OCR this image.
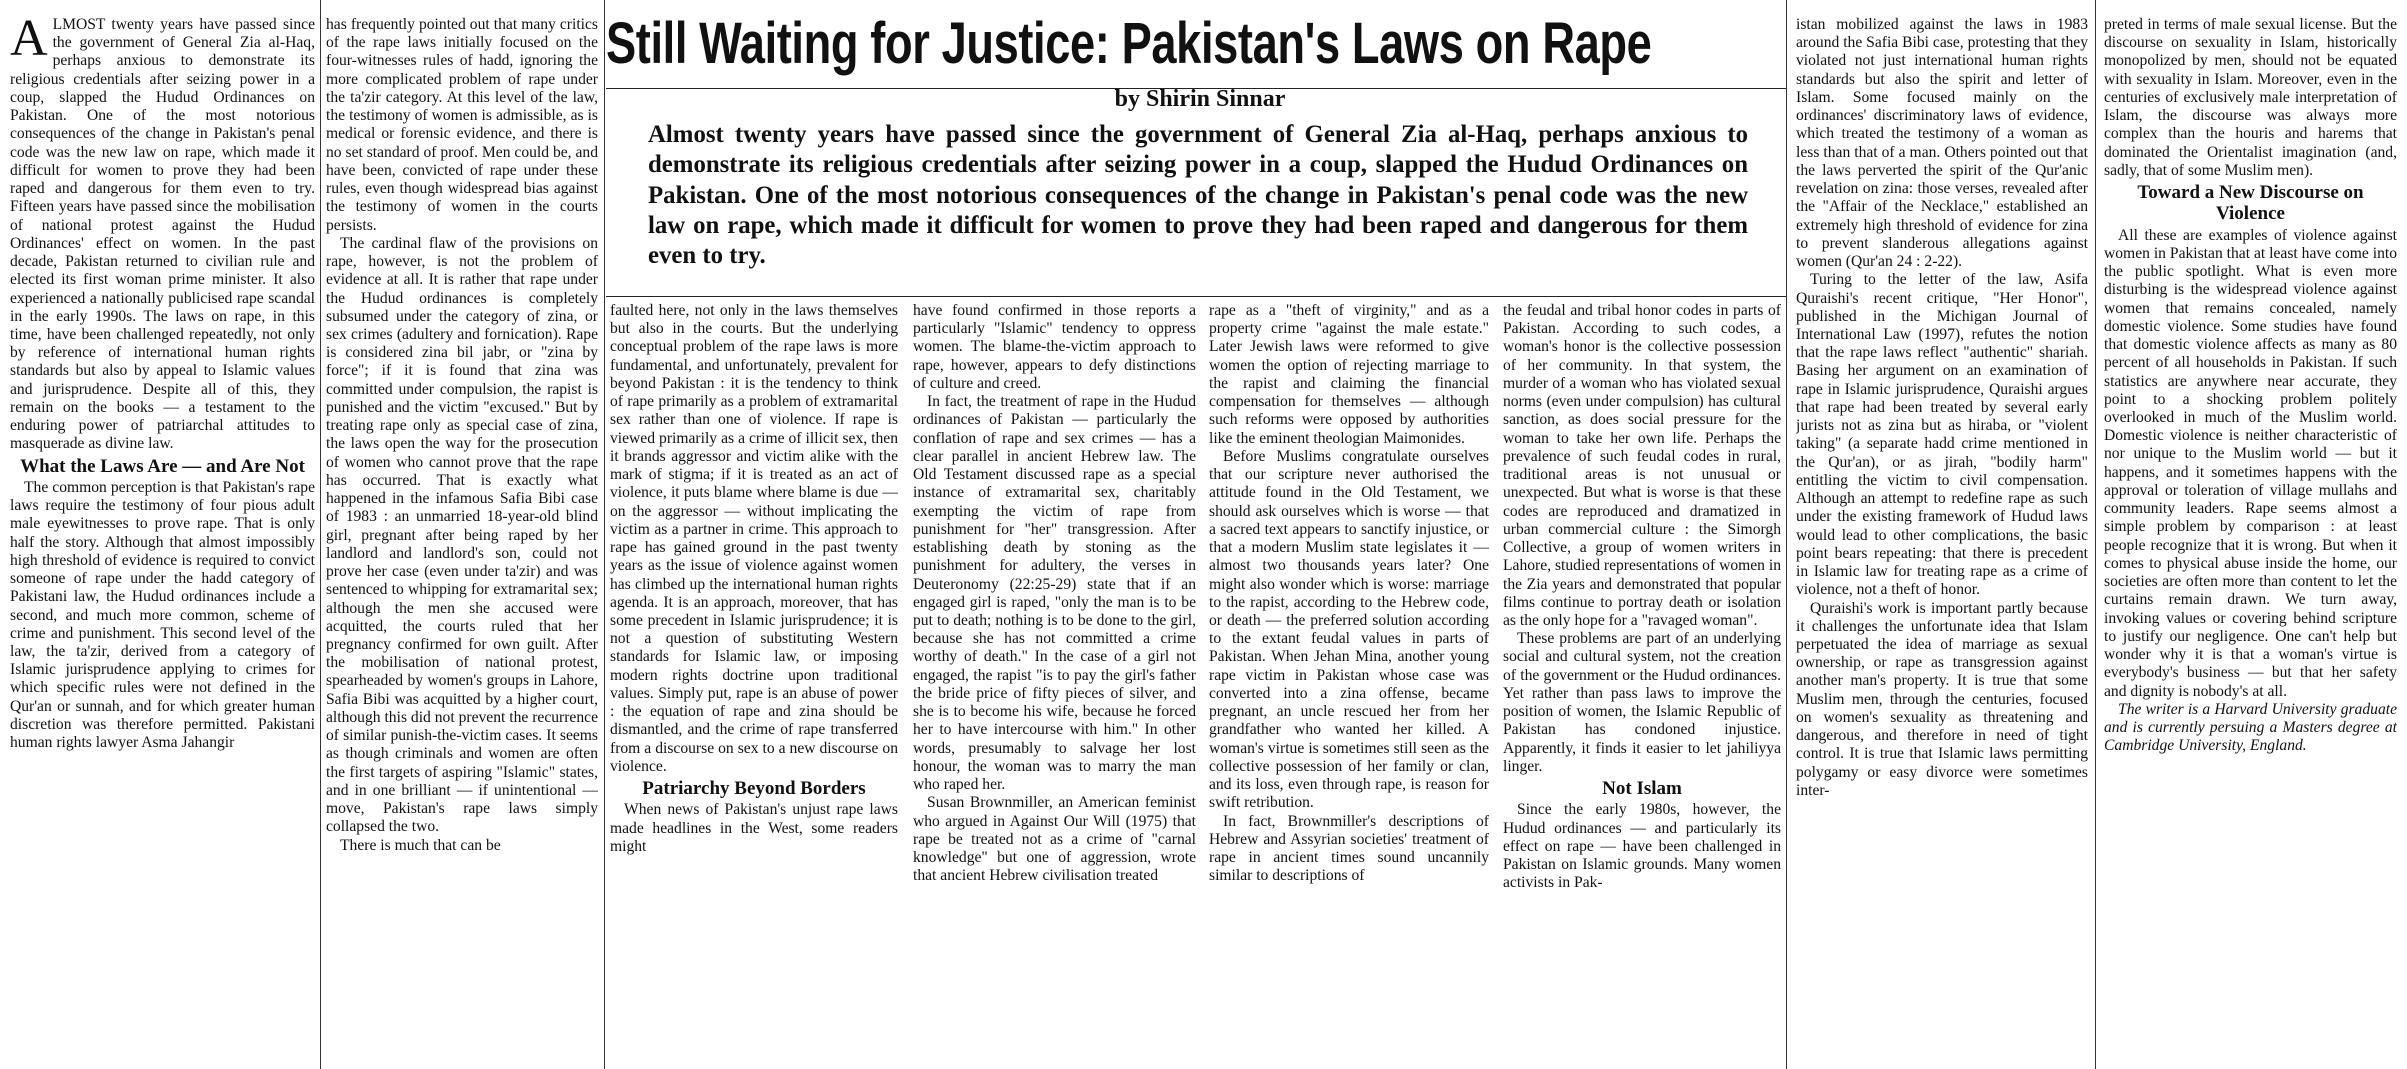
A LMOST twenty years have passed since the government of General Zia al-Haq, perhaps anxious to demonstrate its religious credentials after seizing power in a coup, slapped the Hudud Ordinances on Pakistan. One of the most notorious consequences of the change in Pakistan's penal code was the new law on rape, which made it difficult for women to prove they had been raped and dangerous for them even to try. Fifteen years have passed since the mobilisation of national protest against the Hudud Ordinances' effect on women. In the past decade, Pakistan returned to civilian rule and elected its first woman prime minister. It also experienced a nationally publicised rape scandal in the early 1990s. The laws on rape, in this time, have been challenged repeatedly, not only by reference of international human rights standards but also by appeal to Islamic values and jurisprudence. Despite all of this, they remain on the books — a testament to the enduring power of patriarchal attitudes to masquerade as divine law.

What the Laws Are — and Are Not

The common perception is that Pakistan's rape laws require the testimony of four pious adult male eyewitnesses to prove rape. That is only half the story. Although that almost impossibly high threshold of evidence is required to convict someone of rape under the hadd category of Pakistani law, the Hudud ordinances include a second, and much more common, scheme of crime and punishment. This second level of the law, the ta'zir, derived from a category of Islamic jurisprudence applying to crimes for which specific rules were not defined in the Qur'an or sunnah, and for which greater human discretion was therefore permitted. Pakistani human rights lawyer Asma Jahangir

has frequently pointed out that many critics of the rape laws initially focused on the four-witnesses rules of hadd, ignoring the more complicated problem of rape under the ta'zir category. At this level of the law, the testimony of women is admissible, as is medical or forensic evidence, and there is no set standard of proof. Men could be, and have been, convicted of rape under these rules, even though widespread bias against the testimony of women in the courts persists.

The cardinal flaw of the provisions on rape, however, is not the problem of evidence at all. It is rather that rape under the Hudud ordinances is completely subsumed under the category of zina, or sex crimes (adultery and fornication). Rape is considered zina bil jabr, or "zina by force"; if it is found that zina was committed under compulsion, the rapist is punished and the victim "excused." But by treating rape only as special case of zina, the laws open the way for the prosecution of women who cannot prove that the rape has occurred. That is exactly what happened in the infamous Safia Bibi case of 1983 : an unmarried 18-year-old blind girl, pregnant after being raped by her landlord and landlord's son, could not prove her case (even under ta'zir) and was sentenced to whipping for extramarital sex; although the men she accused were acquitted, the courts ruled that her pregnancy confirmed for own guilt. After the mobilisation of national protest, spearheaded by women's groups in Lahore, Safia Bibi was acquitted by a higher court, although this did not prevent the recurrence of similar punish-the-victim cases. It seems as though criminals and women are often the first targets of aspiring "Islamic" states, and in one brilliant — if unintentional — move, Pakistan's rape laws simply collapsed the two.

There is much that can be

Still Waiting for Justice: Pakistan's Laws on Rape
by Shirin Sinnar
Almost twenty years have passed since the government of General Zia al-Haq, perhaps anxious to demonstrate its religious credentials after seizing power in a coup, slapped the Hudud Ordinances on Pakistan. One of the most notorious consequences of the change in Pakistan's penal code was the new law on rape, which made it difficult for women to prove they had been raped and dangerous for them even to try.

faulted here, not only in the laws themselves but also in the courts. But the underlying conceptual problem of the rape laws is more fundamental, and unfortunately, prevalent for beyond Pakistan : it is the tendency to think of rape primarily as a problem of extramarital sex rather than one of violence. If rape is viewed primarily as a crime of illicit sex, then it brands aggressor and victim alike with the mark of stigma; if it is treated as an act of violence, it puts blame where blame is due — on the aggressor — without implicating the victim as a partner in crime. This approach to rape has gained ground in the past twenty years as the issue of violence against women has climbed up the international human rights agenda. It is an approach, moreover, that has some precedent in Islamic jurisprudence; it is not a question of substituting Western standards for Islamic law, or imposing modern rights doctrine upon traditional values. Simply put, rape is an abuse of power : the equation of rape and zina should be dismantled, and the crime of rape transferred from a discourse on sex to a new discourse on violence.

Patriarchy Beyond Borders

When news of Pakistan's unjust rape laws made headlines in the West, some readers might

have found confirmed in those reports a particularly "Islamic" tendency to oppress women. The blame-the-victim approach to rape, however, appears to defy distinctions of culture and creed.

In fact, the treatment of rape in the Hudud ordinances of Pakistan — particularly the conflation of rape and sex crimes — has a clear parallel in ancient Hebrew law. The Old Testament discussed rape as a special instance of extramarital sex, charitably exempting the victim of rape from punishment for "her" transgression. After establishing death by stoning as the punishment for adultery, the verses in Deuteronomy (22:25-29) state that if an engaged girl is raped, "only the man is to be put to death; nothing is to be done to the girl, because she has not committed a crime worthy of death." In the case of a girl not engaged, the rapist "is to pay the girl's father the bride price of fifty pieces of silver, and she is to become his wife, because he forced her to have intercourse with him." In other words, presumably to salvage her lost honour, the woman was to marry the man who raped her.

Susan Brownmiller, an American feminist who argued in Against Our Will (1975) that rape be treated not as a crime of "carnal knowledge" but one of aggression, wrote that ancient Hebrew civilisation treated

rape as a "theft of virginity," and as a property crime "against the male estate." Later Jewish laws were reformed to give women the option of rejecting marriage to the rapist and claiming the financial compensation for themselves — although such reforms were opposed by authorities like the eminent theologian Maimonides.

Before Muslims congratulate ourselves that our scripture never authorised the attitude found in the Old Testament, we should ask ourselves which is worse — that a sacred text appears to sanctify injustice, or that a modern Muslim state legislates it — almost two thousands years later? One might also wonder which is worse: marriage to the rapist, according to the Hebrew code, or death — the preferred solution according to the extant feudal values in parts of Pakistan. When Jehan Mina, another young rape victim in Pakistan whose case was converted into a zina offense, became pregnant, an uncle rescued her from her grandfather who wanted her killed. A woman's virtue is sometimes still seen as the collective possession of her family or clan, and its loss, even through rape, is reason for swift retribution.

In fact, Brownmiller's descriptions of Hebrew and Assyrian societies' treatment of rape in ancient times sound uncannily similar to descriptions of

the feudal and tribal honor codes in parts of Pakistan. According to such codes, a woman's honor is the collective possession of her community. In that system, the murder of a woman who has violated sexual norms (even under compulsion) has cultural sanction, as does social pressure for the woman to take her own life. Perhaps the prevalence of such feudal codes in rural, traditional areas is not unusual or unexpected. But what is worse is that these codes are reproduced and dramatized in urban commercial culture : the Simorgh Collective, a group of women writers in Lahore, studied representations of women in the Zia years and demonstrated that popular films continue to portray death or isolation as the only hope for a "ravaged woman".

These problems are part of an underlying social and cultural system, not the creation of the government or the Hudud ordinances. Yet rather than pass laws to improve the position of women, the Islamic Republic of Pakistan has condoned injustice. Apparently, it finds it easier to let jahiliyya linger.

Not Islam

Since the early 1980s, however, the Hudud ordinances — and particularly its effect on rape — have been challenged in Pakistan on Islamic grounds. Many women activists in Pak-

istan mobilized against the laws in 1983 around the Safia Bibi case, protesting that they violated not just international human rights standards but also the spirit and letter of Islam. Some focused mainly on the ordinances' discriminatory laws of evidence, which treated the testimony of a woman as less than that of a man. Others pointed out that the laws perverted the spirit of the Qur'anic revelation on zina: those verses, revealed after the "Affair of the Necklace," established an extremely high threshold of evidence for zina to prevent slanderous allegations against women (Qur'an 24 : 2-22).

Turing to the letter of the law, Asifa Quraishi's recent critique, "Her Honor", published in the Michigan Journal of International Law (1997), refutes the notion that the rape laws reflect "authentic" shariah. Basing her argument on an examination of rape in Islamic jurisprudence, Quraishi argues that rape had been treated by several early jurists not as zina but as hiraba, or "violent taking" (a separate hadd crime mentioned in the Qur'an), or as jirah, "bodily harm" entitling the victim to civil compensation. Although an attempt to redefine rape as such under the existing framework of Hudud laws would lead to other complications, the basic point bears repeating: that there is precedent in Islamic law for treating rape as a crime of violence, not a theft of honor.

Quraishi's work is important partly because it challenges the unfortunate idea that Islam perpetuated the idea of marriage as sexual ownership, or rape as transgression against another man's property. It is true that some Muslim men, through the centuries, focused on women's sexuality as threatening and dangerous, and therefore in need of tight control. It is true that Islamic laws permitting polygamy or easy divorce were sometimes inter-

preted in terms of male sexual license. But the discourse on sexuality in Islam, historically monopolized by men, should not be equated with sexuality in Islam. Moreover, even in the centuries of exclusively male interpretation of Islam, the discourse was always more complex than the houris and harems that dominated the Orientalist imagination (and, sadly, that of some Muslim men).

Toward a New Discourse on Violence

All these are examples of violence against women in Pakistan that at least have come into the public spotlight. What is even more disturbing is the widespread violence against women that remains concealed, namely domestic violence. Some studies have found that domestic violence affects as many as 80 percent of all households in Pakistan. If such statistics are anywhere near accurate, they point to a shocking problem politely overlooked in much of the Muslim world. Domestic violence is neither characteristic of nor unique to the Muslim world — but it happens, and it sometimes happens with the approval or toleration of village mullahs and community leaders. Rape seems almost a simple problem by comparison : at least people recognize that it is wrong. But when it comes to physical abuse inside the home, our societies are often more than content to let the curtains remain drawn. We turn away, invoking values or covering behind scripture to justify our negligence. One can't help but wonder why it is that a woman's virtue is everybody's business — but that her safety and dignity is nobody's at all.

The writer is a Harvard University graduate and is currently persuing a Masters degree at Cambridge University, England.
